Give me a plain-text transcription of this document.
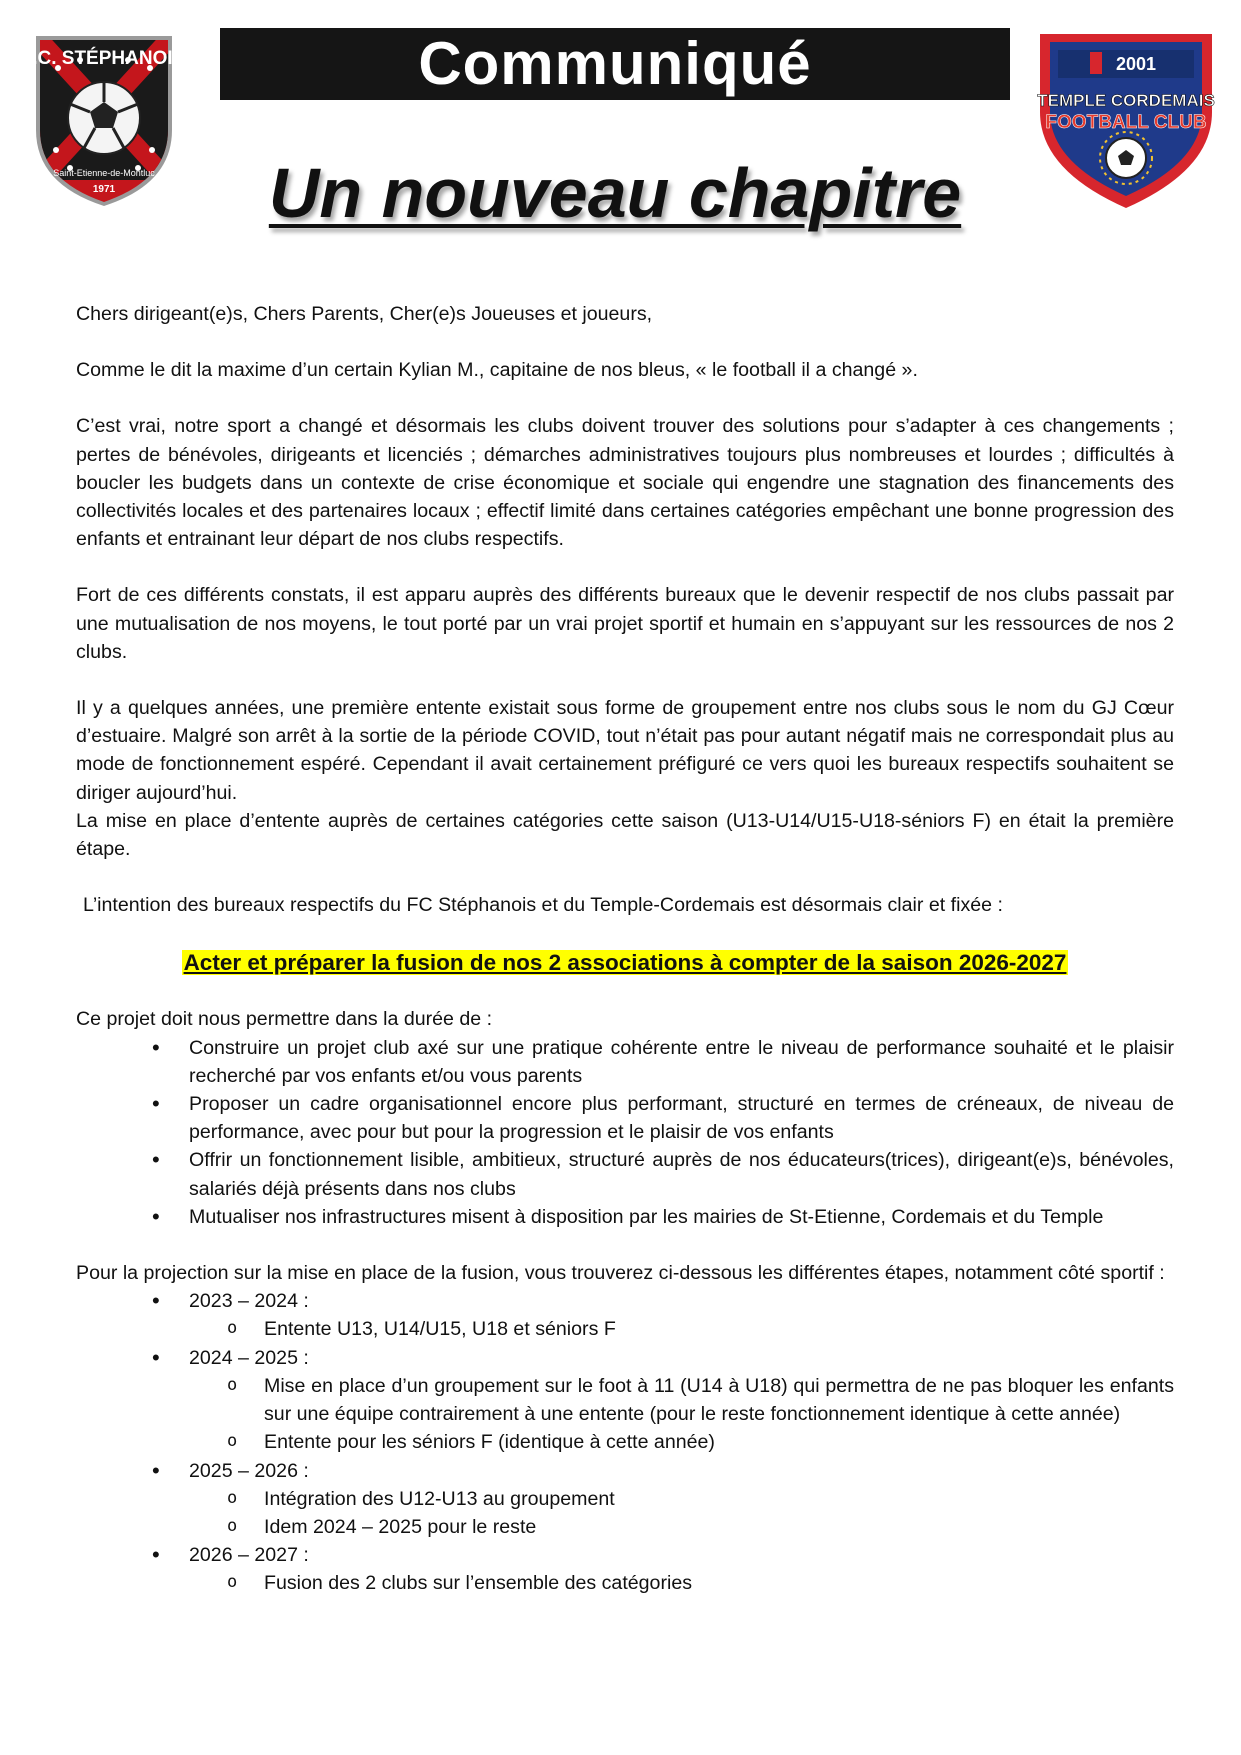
F.C. STÉPHANOIS
Saint-Etienne-de-Montluc
1971
Communiqué	2001
TEMPLE CORDEMAIS
FOOTBALL CLUB
Un nouveau chapitre

Chers dirigeant(e)s, Chers Parents, Cher(e)s Joueuses et joueurs,

Comme le dit la maxime d’un certain Kylian M., capitaine de nos bleus, « le football il a changé ».

C’est vrai, notre sport a changé et désormais les clubs doivent trouver des solutions pour s’adapter à ces changements ; pertes de bénévoles, dirigeants et licenciés ; démarches administratives toujours plus nombreuses et lourdes ; difficultés à boucler les budgets dans un contexte de crise économique et sociale qui engendre une stagnation des financements des collectivités locales et des partenaires locaux ; effectif limité dans certaines catégories empêchant une bonne progression des enfants et entrainant leur départ de nos clubs respectifs.

Fort de ces différents constats, il est apparu auprès des différents bureaux que le devenir respectif de nos clubs passait par une mutualisation de nos moyens, le tout porté par un vrai projet sportif et humain en s’appuyant sur les ressources de nos 2 clubs.

Il y a quelques années, une première entente existait sous forme de groupement entre nos clubs sous le nom du GJ Cœur d’estuaire. Malgré son arrêt à la sortie de la période COVID, tout n’était pas pour autant négatif mais ne correspondait plus au mode de fonctionnement espéré. Cependant il avait certainement préfiguré ce vers quoi les bureaux respectifs souhaitent se diriger aujourd’hui.

La mise en place d’entente auprès de certaines catégories cette saison (U13-U14/U15-U18-séniors F) en était la première étape.

L’intention des bureaux respectifs du FC Stéphanois et du Temple-Cordemais est désormais clair et fixée :

Acter et préparer la fusion de nos 2 associations à compter de la saison 2026-2027

Ce projet doit nous permettre dans la durée de :

• Construire un projet club axé sur une pratique cohérente entre le niveau de performance souhaité et le plaisir recherché par vos enfants et/ou vous parents
• Proposer un cadre organisationnel encore plus performant, structuré en termes de créneaux, de niveau de performance, avec pour but pour la progression et le plaisir de vos enfants
• Offrir un fonctionnement lisible, ambitieux, structuré auprès de nos éducateurs(trices), dirigeant(e)s, bénévoles, salariés déjà présents dans nos clubs
• Mutualiser nos infrastructures misent à disposition par les mairies de St-Etienne, Cordemais et du Temple

Pour la projection sur la mise en place de la fusion, vous trouverez ci-dessous les différentes étapes, notamment côté sportif :

• 2023 – 2024 :
o Entente U13, U14/U15, U18 et séniors F
• 2024 – 2025 :
o Mise en place d’un groupement sur le foot à 11 (U14 à U18) qui permettra de ne pas bloquer les enfants sur une équipe contrairement à une entente (pour le reste fonctionnement identique à cette année)
o Entente pour les séniors F (identique à cette année)
• 2025 – 2026 :
o Intégration des U12-U13 au groupement
o Idem 2024 – 2025 pour le reste
• 2026 – 2027 :
o Fusion des 2 clubs sur l’ensemble des catégories
